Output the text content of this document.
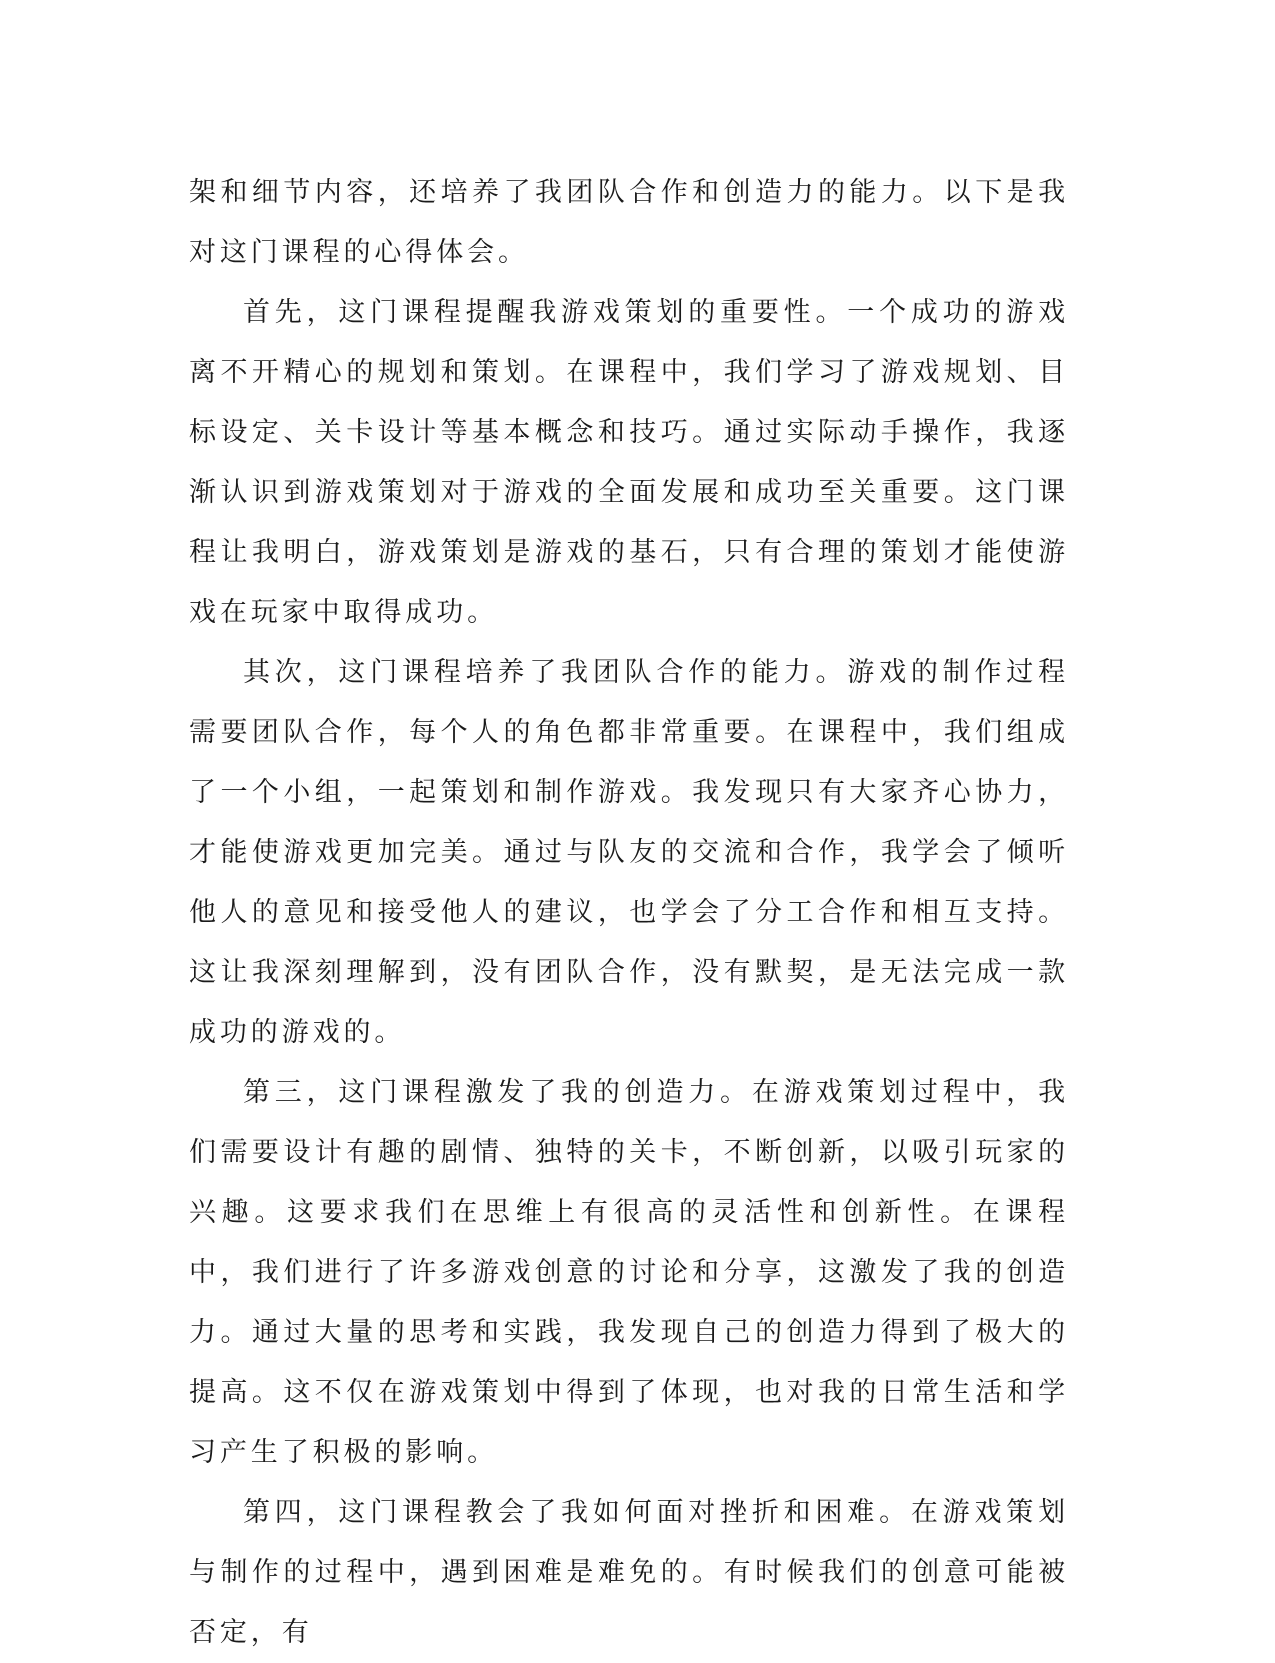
架和细节内容，还培养了我团队合作和创造力的能力。以下是我对这门课程的心得体会。

首先，这门课程提醒我游戏策划的重要性。一个成功的游戏离不开精心的规划和策划。在课程中，我们学习了游戏规划、目标设定、关卡设计等基本概念和技巧。通过实际动手操作，我逐渐认识到游戏策划对于游戏的全面发展和成功至关重要。这门课程让我明白，游戏策划是游戏的基石，只有合理的策划才能使游戏在玩家中取得成功。

其次，这门课程培养了我团队合作的能力。游戏的制作过程需要团队合作，每个人的角色都非常重要。在课程中，我们组成了一个小组，一起策划和制作游戏。我发现只有大家齐心协力，才能使游戏更加完美。通过与队友的交流和合作，我学会了倾听他人的意见和接受他人的建议，也学会了分工合作和相互支持。这让我深刻理解到，没有团队合作，没有默契，是无法完成一款成功的游戏的。

第三，这门课程激发了我的创造力。在游戏策划过程中，我们需要设计有趣的剧情、独特的关卡，不断创新，以吸引玩家的兴趣。这要求我们在思维上有很高的灵活性和创新性。在课程中，我们进行了许多游戏创意的讨论和分享，这激发了我的创造力。通过大量的思考和实践，我发现自己的创造力得到了极大的提高。这不仅在游戏策划中得到了体现，也对我的日常生活和学习产生了积极的影响。

第四，这门课程教会了我如何面对挫折和困难。在游戏策划与制作的过程中，遇到困难是难免的。有时候我们的创意可能被否定，有
